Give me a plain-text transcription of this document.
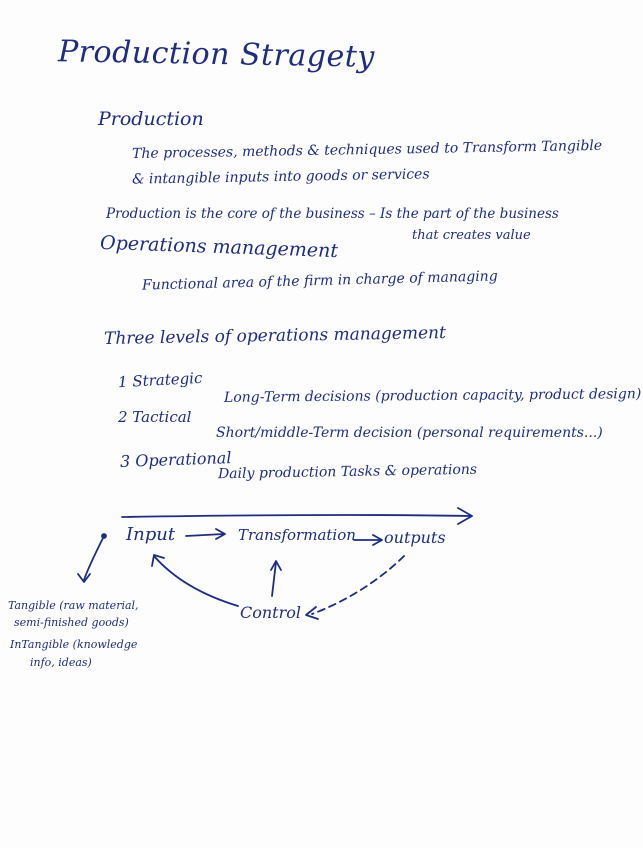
Production Stragety
Production
The processes, methods & techniques used to Transform Tangible
& intangible inputs into goods or services
Production is the core of the business – Is the part of the business
that creates value
Operations management
Functional area of the firm in charge of managing
Three levels of operations management
1 Strategic
Long-Term decisions (production capacity, product design)
2 Tactical
Short/middle-Term decision (personal requirements...)
3 Operational
Daily production Tasks & operations
Input	Transformation outputs
Control
Tangible (raw material,
semi-finished goods)
InTangible (knowledge
info, ideas)
